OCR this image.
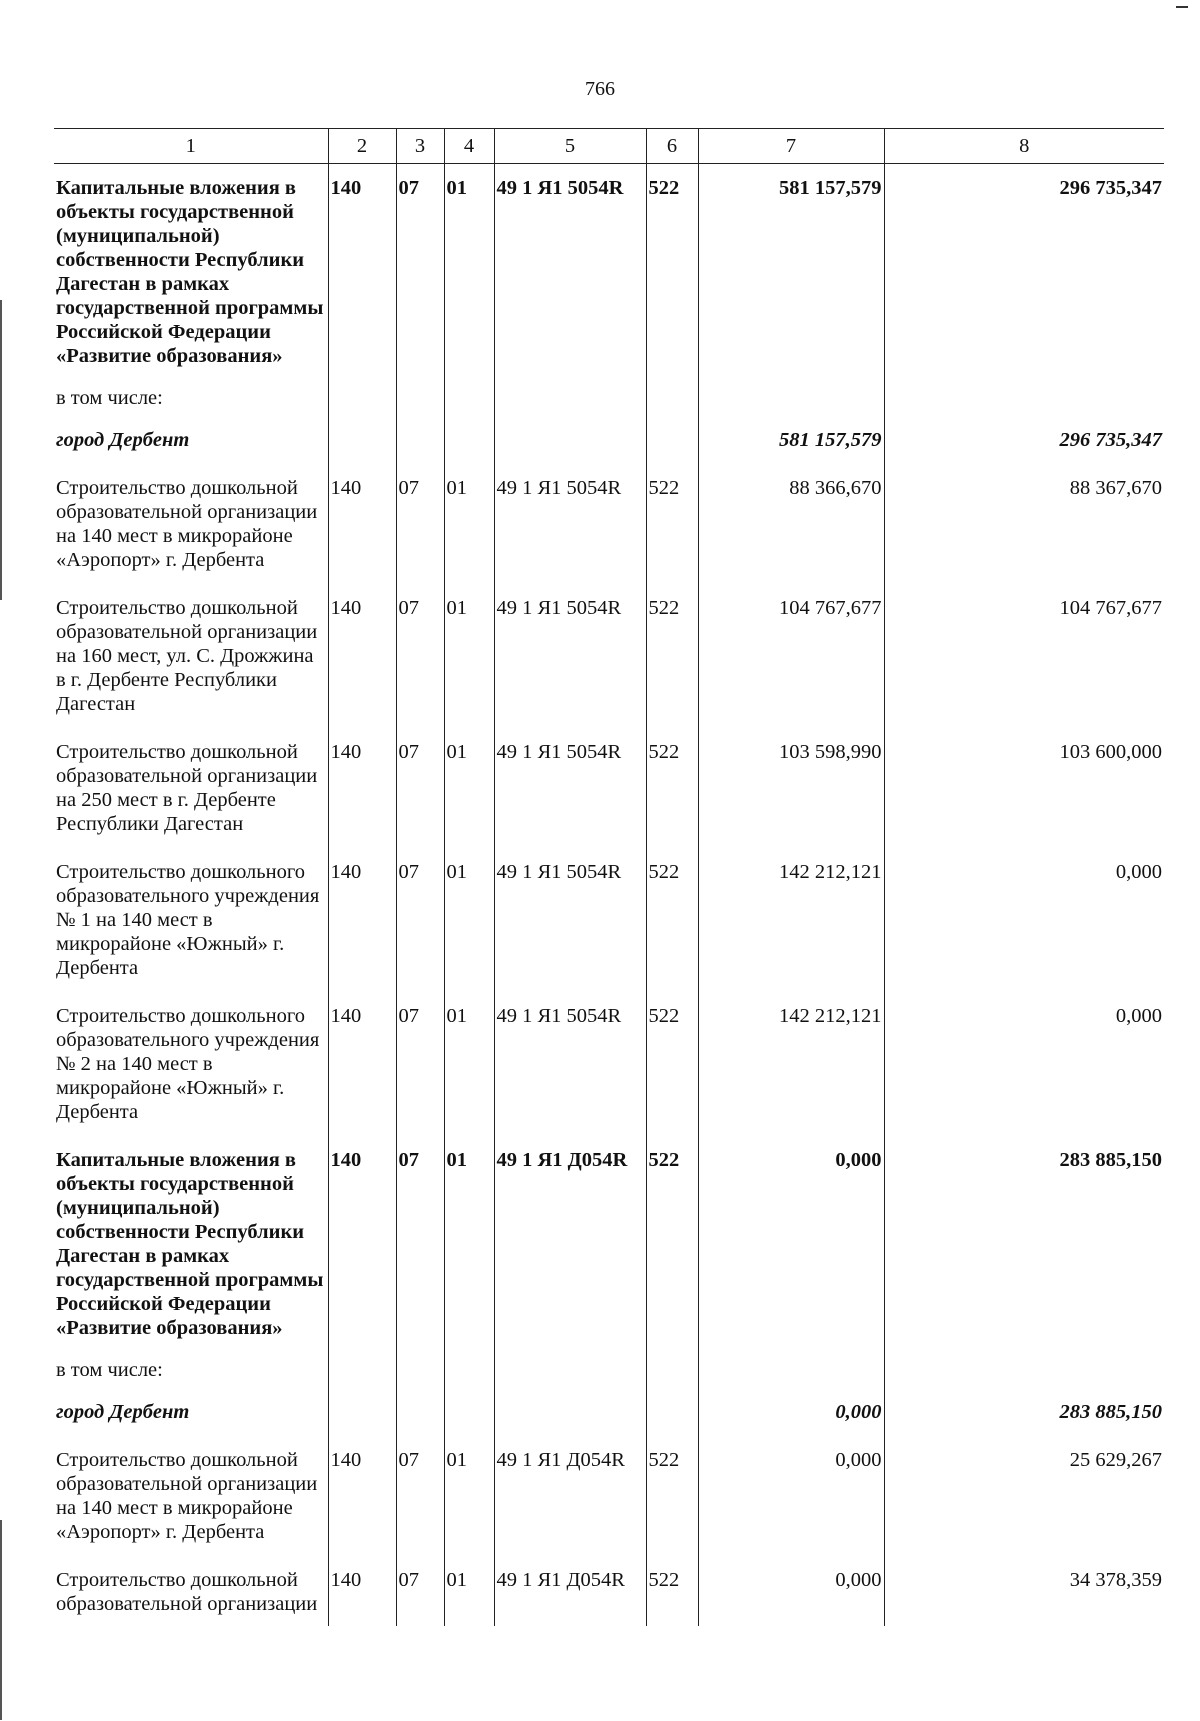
766
1	2	3	4	5	6	7	8
Капитальные вложения в объекты государственной (муниципальной) собственности Республики Дагестан в рамках государственной программы Российской Федерации «Развитие образования»	140	07	01	49 1 Я1 5054R	522	581 157,579	296 735,347
в том числе:							
город Дербент						581 157,579	296 735,347
Строительство дошкольной образовательной организации на 140 мест в микрорайоне «Аэропорт» г. Дербента	140	07	01	49 1 Я1 5054R	522	88 366,670	88 367,670
Строительство дошкольной образовательной организации на 160 мест, ул. С. Дрожжина в г. Дербенте Республики Дагестан	140	07	01	49 1 Я1 5054R	522	104 767,677	104 767,677
Строительство дошкольной образовательной организации на 250 мест в г. Дербенте Республики Дагестан	140	07	01	49 1 Я1 5054R	522	103 598,990	103 600,000
Строительство дошкольного образовательного учреждения № 1 на 140 мест в микрорайоне «Южный» г. Дербента	140	07	01	49 1 Я1 5054R	522	142 212,121	0,000
Строительство дошкольного образовательного учреждения № 2 на 140 мест в микрорайоне «Южный» г. Дербента	140	07	01	49 1 Я1 5054R	522	142 212,121	0,000
Капитальные вложения в объекты государственной (муниципальной) собственности Республики Дагестан в рамках государственной программы Российской Федерации «Развитие образования»	140	07	01	49 1 Я1 Д054R	522	0,000	283 885,150
в том числе:							
город Дербент						0,000	283 885,150
Строительство дошкольной образовательной организации на 140 мест в микрорайоне «Аэропорт» г. Дербента	140	07	01	49 1 Я1 Д054R	522	0,000	25 629,267
Строительство дошкольной образовательной организации	140	07	01	49 1 Я1 Д054R	522	0,000	34 378,359
